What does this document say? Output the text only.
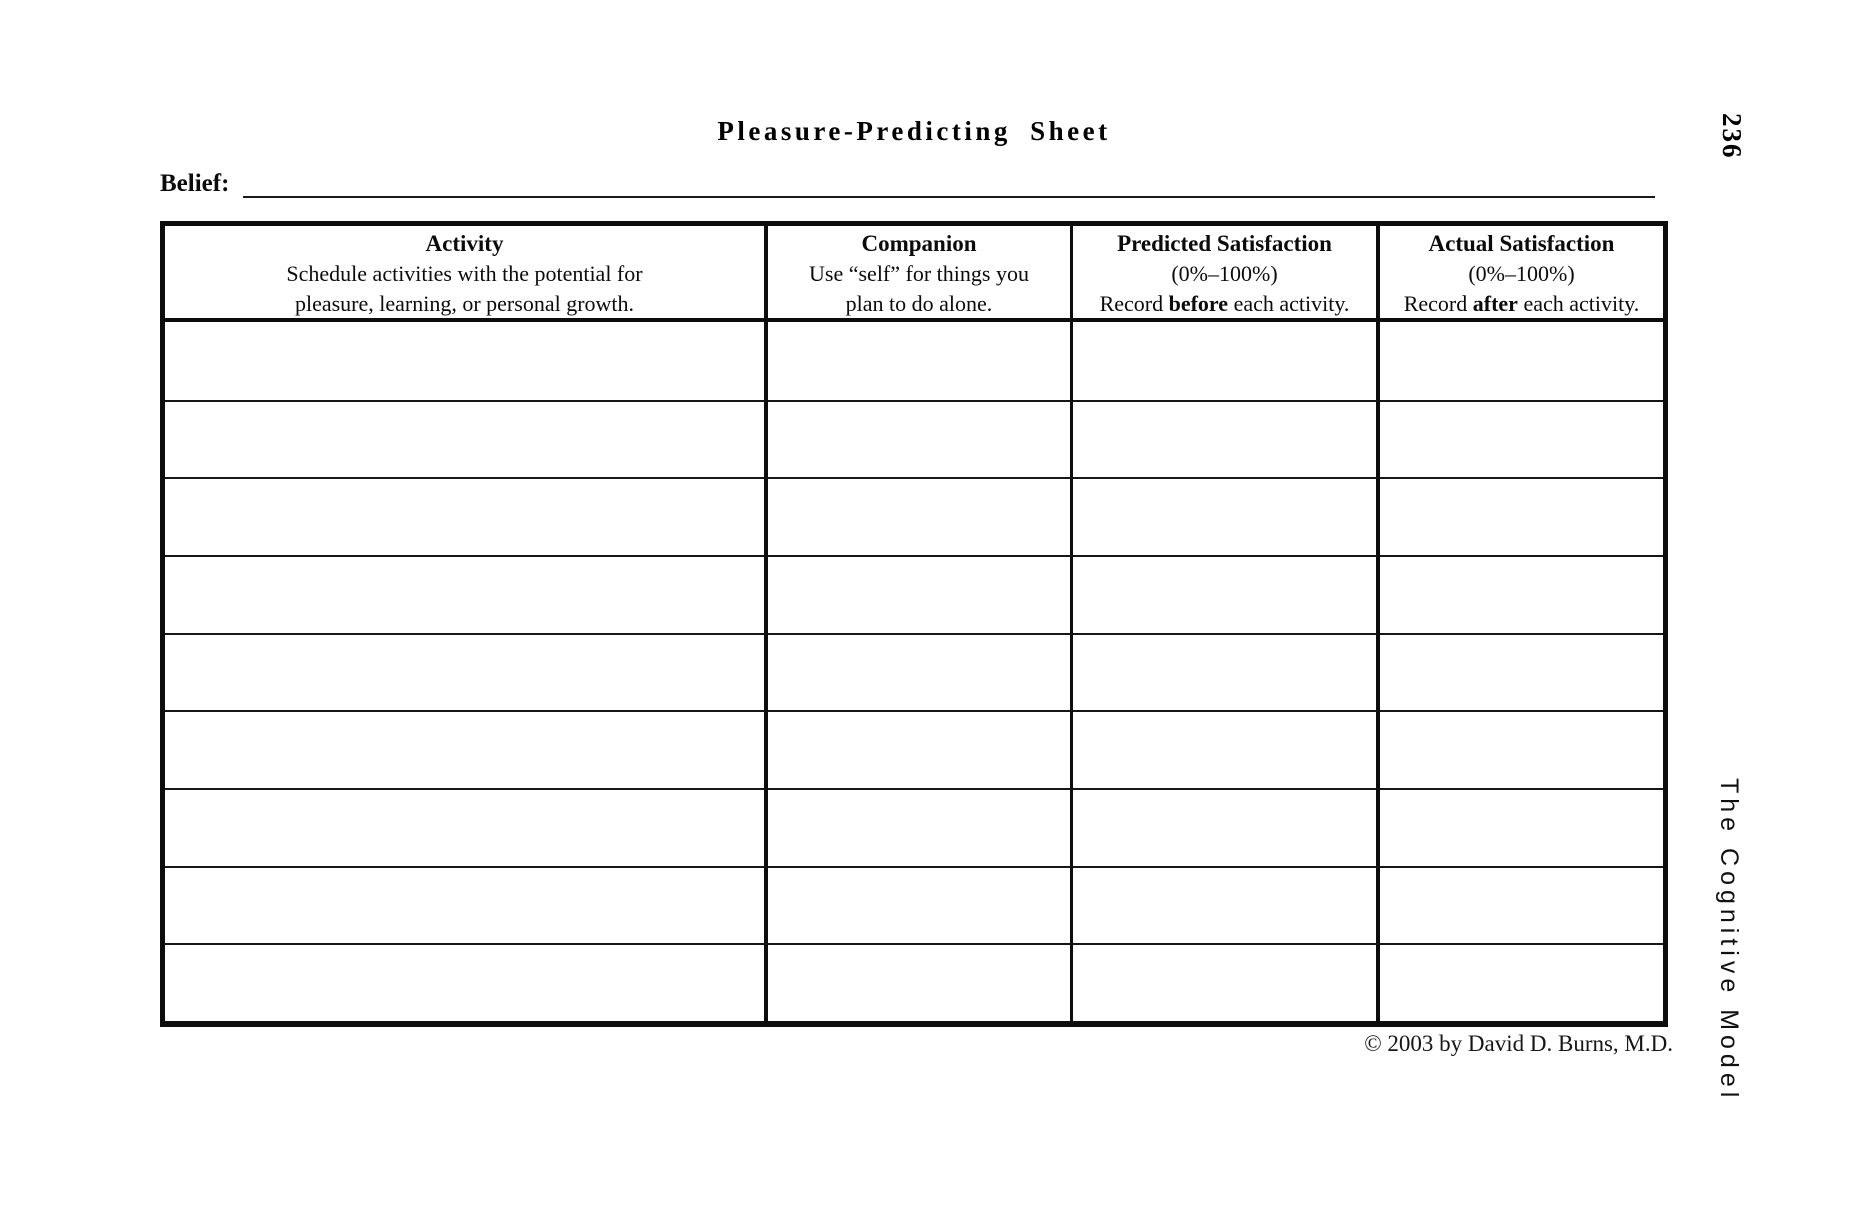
Pleasure-Predicting Sheet
Belief:
Activity
Schedule activities with the potential for
pleasure, learning, or personal growth.
Companion
Use “self” for things you
plan to do alone.
Predicted Satisfaction
(0%–100%)
Record before each activity.
Actual Satisfaction
(0%–100%)
Record after each activity.
© 2003 by David D. Burns, M.D.
236
The Cognitive Model
